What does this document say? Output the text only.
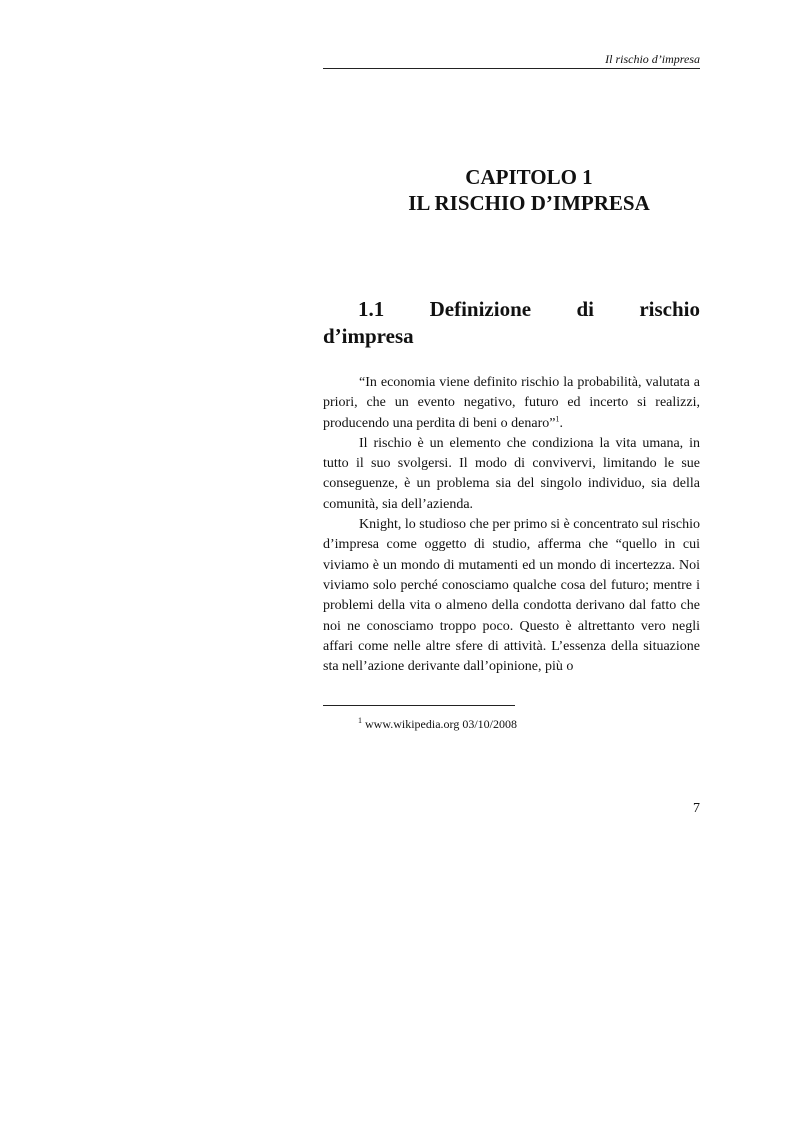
Il rischio d’impresa
CAPITOLO 1
IL RISCHIO D’IMPRESA
1.1 Definizione di rischio
d’impresa

“In economia viene definito rischio la probabilità, valutata a priori, che un evento negativo, futuro ed incerto si realizzi, producendo una perdita di beni o denaro”$^1$.

Il rischio è un elemento che condiziona la vita umana, in tutto il suo svolgersi. Il modo di convivervi, limitando le sue conseguenze, è un problema sia del singolo individuo, sia della comunità, sia dell’azienda.

Knight, lo studioso che per primo si è concentrato sul rischio d’impresa come oggetto di studio, afferma che “quello in cui viviamo è un mondo di mutamenti ed un mondo di incertezza. Noi viviamo solo perché conosciamo qualche cosa del futuro; mentre i problemi della vita o almeno della condotta derivano dal fatto che noi ne conosciamo troppo poco. Questo è altrettanto vero negli affari come nelle altre sfere di attività. L’essenza della situazione sta nell’azione derivante dall’opinione, più o

$^1$ www.wikipedia.org 03/10/2008
7
